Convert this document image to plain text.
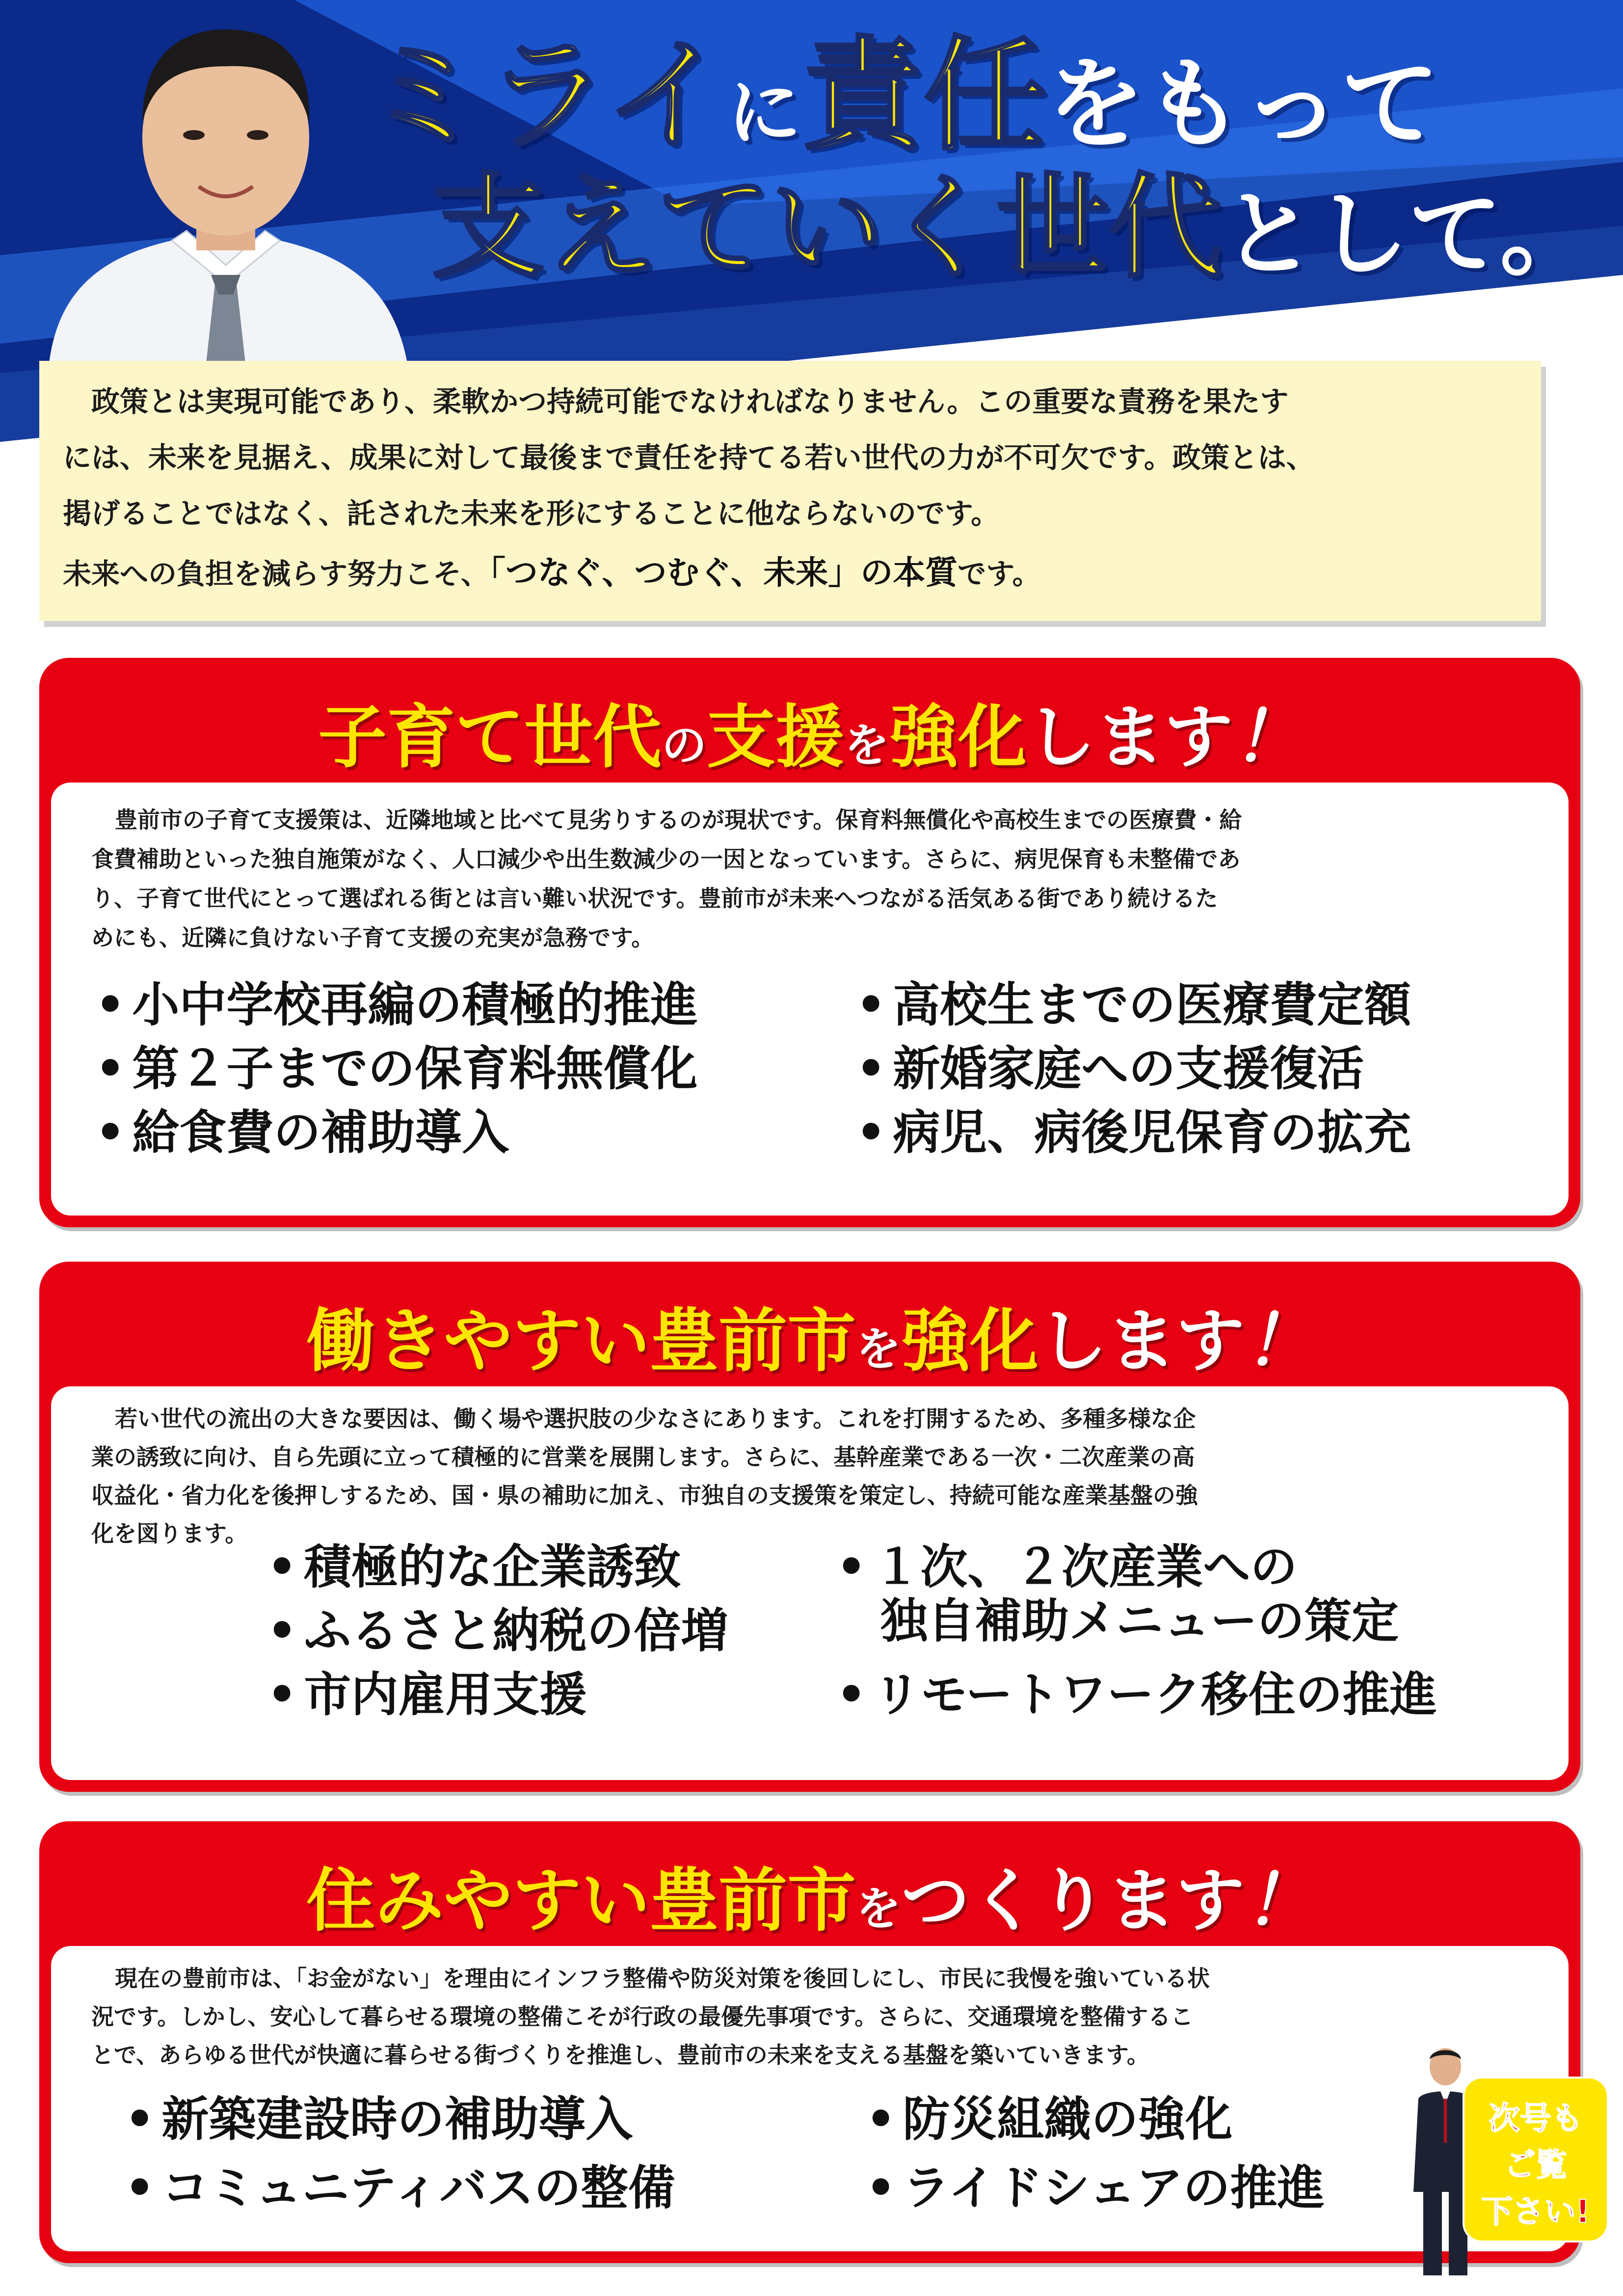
ミライに責任をもって
支えていく世代として。
　政策とは実現可能であり、柔軟かつ持続可能でなければなりません。この重要な責務を果たす
には、未来を見据え、成果に対して最後まで責任を持てる若い世代の力が不可欠です。政策とは、
掲げることではなく、託された未来を形にすることに他ならないのです。
未来への負担を減らす努力こそ、「つなぐ、つむぐ、未来」の本質です。
子育て世代の支援を強化します！
豊前市の子育て支援策は、近隣地域と比べて見劣りするのが現状です。保育料無償化や高校生までの医療費・給
食費補助といった独自施策がなく、人口減少や出生数減少の一因となっています。さらに、病児保育も未整備であ
り、子育て世代にとって選ばれる街とは言い難い状況です。豊前市が未来へつながる活気ある街であり続けるた
めにも、近隣に負けない子育て支援の充実が急務です。
• 小中学校再編の積極的推進
• 第２子までの保育料無償化
• 給食費の補助導入
• 高校生までの医療費定額
• 新婚家庭への支援復活
• 病児、病後児保育の拡充
働きやすい豊前市を強化します！
若い世代の流出の大きな要因は、働く場や選択肢の少なさにあります。これを打開するため、多種多様な企
業の誘致に向け、自ら先頭に立って積極的に営業を展開します。さらに、基幹産業である一次・二次産業の高
収益化・省力化を後押しするため、国・県の補助に加え、市独自の支援策を策定し、持続可能な産業基盤の強
化を図ります。
• 積極的な企業誘致
• ふるさと納税の倍増
• 市内雇用支援
• １次、２次産業への
独自補助メニューの策定
• リモートワーク移住の推進
住みやすい豊前市をつくります！
現在の豊前市は、「お金がない」を理由にインフラ整備や防災対策を後回しにし、市民に我慢を強いている状
況です。しかし、安心して暮らせる環境の整備こそが行政の最優先事項です。さらに、交通環境を整備するこ
とで、あらゆる世代が快適に暮らせる街づくりを推進し、豊前市の未来を支える基盤を築いていきます。
• 新築建設時の補助導入
• コミュニティバスの整備
• 防災組織の強化
• ライドシェアの推進
次号も
ご覧
下さい!
